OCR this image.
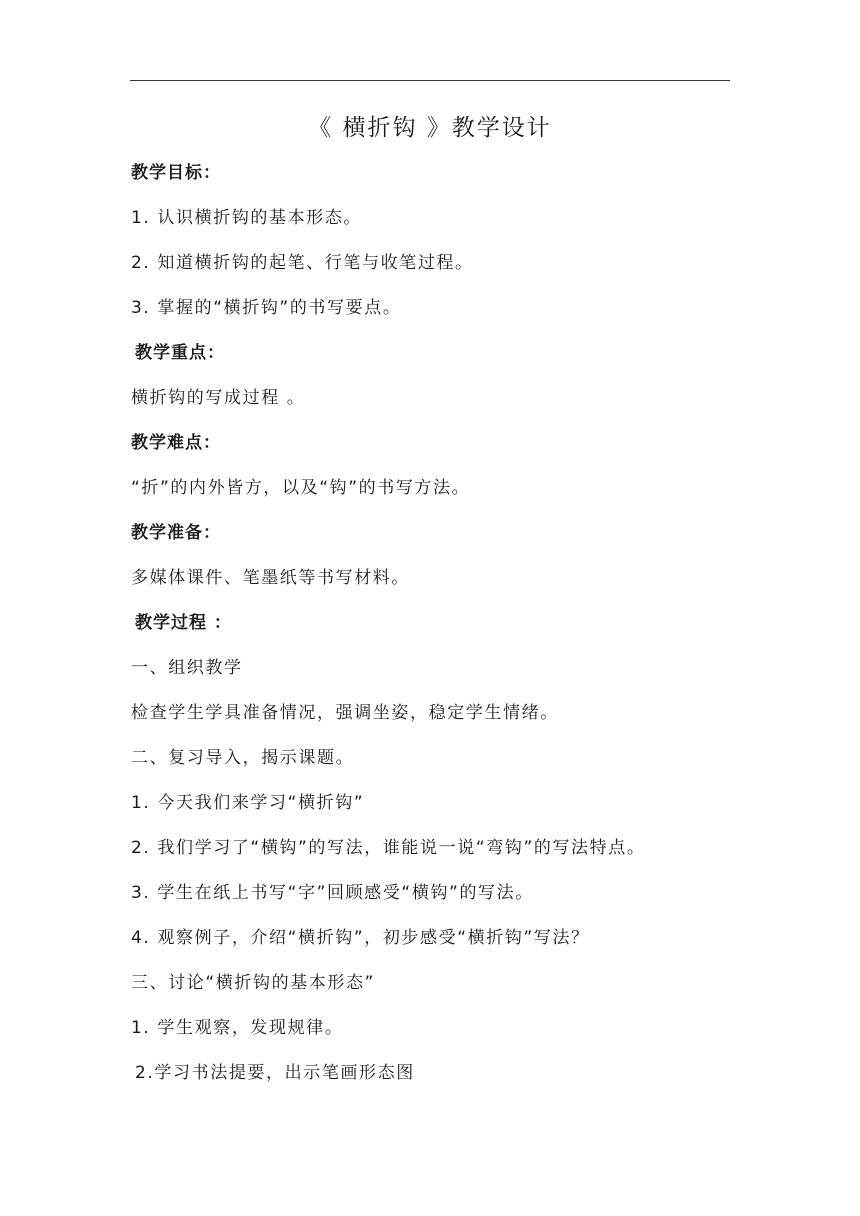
《 横折钩 》教学设计
教学目标：
1. 认识横折钩的基本形态。
2. 知道横折钩的起笔、行笔与收笔过程。
3. 掌握的“横折钩”的书写要点。
教学重点：
横折钩的写成过程 。
教学难点：
“折”的内外皆方，以及“钩”的书写方法。
教学准备：
多媒体课件、笔墨纸等书写材料。
教学过程 ：
一、组织教学
检查学生学具准备情况，强调坐姿，稳定学生情绪。
二、复习导入，揭示课题。
1. 今天我们来学习“横折钩”
2. 我们学习了“横钩”的写法，谁能说一说“弯钩”的写法特点。
3. 学生在纸上书写“字”回顾感受“横钩”的写法。
4. 观察例子，介绍“横折钩”，初步感受“横折钩”写法？
三、讨论“横折钩的基本形态”
1. 学生观察，发现规律。
2.学习书法提要，出示笔画形态图
